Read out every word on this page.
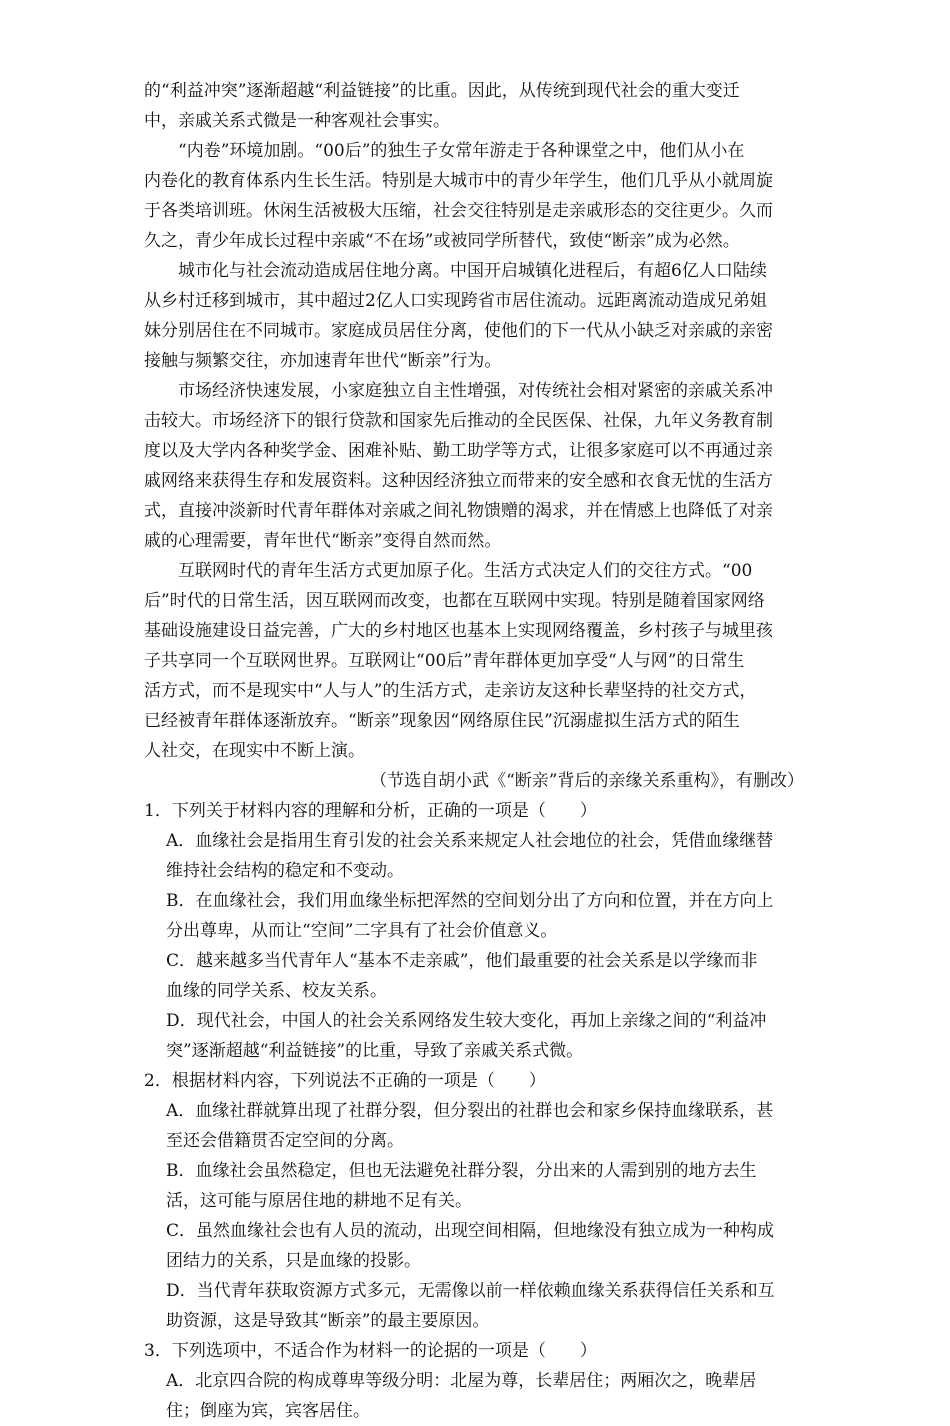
的“利益冲突”逐渐超越“利益链接”的比重。因此，从传统到现代社会的重大变迁
中，亲戚关系式微是一种客观社会事实。
“内卷”环境加剧。“00后”的独生子女常年游走于各种课堂之中，他们从小在
内卷化的教育体系内生长生活。特别是大城市中的青少年学生，他们几乎从小就周旋
于各类培训班。休闲生活被极大压缩，社会交往特别是走亲戚形态的交往更少。久而
久之，青少年成长过程中亲戚“不在场”或被同学所替代，致使“断亲”成为必然。
城市化与社会流动造成居住地分离。中国开启城镇化进程后，有超6亿人口陆续
从乡村迁移到城市，其中超过2亿人口实现跨省市居住流动。远距离流动造成兄弟姐
妹分别居住在不同城市。家庭成员居住分离，使他们的下一代从小缺乏对亲戚的亲密
接触与频繁交往，亦加速青年世代“断亲”行为。
市场经济快速发展，小家庭独立自主性增强，对传统社会相对紧密的亲戚关系冲
击较大。市场经济下的银行贷款和国家先后推动的全民医保、社保，九年义务教育制
度以及大学内各种奖学金、困难补贴、勤工助学等方式，让很多家庭可以不再通过亲
戚网络来获得生存和发展资料。这种因经济独立而带来的安全感和衣食无忧的生活方
式，直接冲淡新时代青年群体对亲戚之间礼物馈赠的渴求，并在情感上也降低了对亲
戚的心理需要，青年世代“断亲”变得自然而然。
互联网时代的青年生活方式更加原子化。生活方式决定人们的交往方式。“00
后”时代的日常生活，因互联网而改变，也都在互联网中实现。特别是随着国家网络
基础设施建设日益完善，广大的乡村地区也基本上实现网络覆盖，乡村孩子与城里孩
子共享同一个互联网世界。互联网让“00后”青年群体更加享受“人与网”的日常生
活方式，而不是现实中“人与人”的生活方式，走亲访友这种长辈坚持的社交方式，
已经被青年群体逐渐放弃。“断亲”现象因“网络原住民”沉溺虚拟生活方式的陌生
人社交，在现实中不断上演。
（节选自胡小武《“断亲”背后的亲缘关系重构》，有删改）
1．下列关于材料内容的理解和分析，正确的一项是（　　）
A．血缘社会是指用生育引发的社会关系来规定人社会地位的社会，凭借血缘继替
维持社会结构的稳定和不变动。
B．在血缘社会，我们用血缘坐标把浑然的空间划分出了方向和位置，并在方向上
分出尊卑，从而让“空间”二字具有了社会价值意义。
C．越来越多当代青年人“基本不走亲戚”，他们最重要的社会关系是以学缘而非
血缘的同学关系、校友关系。
D．现代社会，中国人的社会关系网络发生较大变化，再加上亲缘之间的“利益冲
突”逐渐超越“利益链接”的比重，导致了亲戚关系式微。
2．根据材料内容，下列说法不正确的一项是（　　）
A．血缘社群就算出现了社群分裂，但分裂出的社群也会和家乡保持血缘联系，甚
至还会借籍贯否定空间的分离。
B．血缘社会虽然稳定，但也无法避免社群分裂，分出来的人需到别的地方去生
活，这可能与原居住地的耕地不足有关。
C．虽然血缘社会也有人员的流动，出现空间相隔，但地缘没有独立成为一种构成
团结力的关系，只是血缘的投影。
D．当代青年获取资源方式多元，无需像以前一样依赖血缘关系获得信任关系和互
助资源，这是导致其“断亲”的最主要原因。
3．下列选项中，不适合作为材料一的论据的一项是（　　）
A．北京四合院的构成尊卑等级分明：北屋为尊，长辈居住；两厢次之，晚辈居
住；倒座为宾，宾客居住。
